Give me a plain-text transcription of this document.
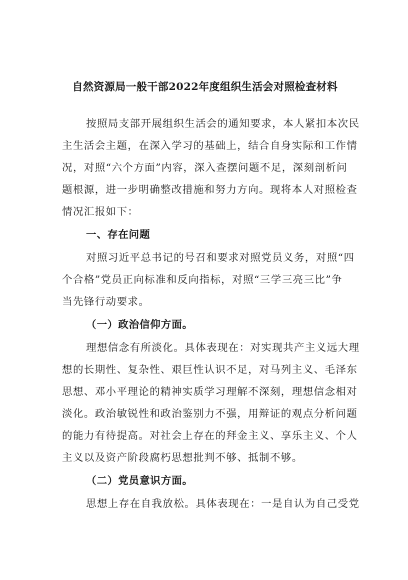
自然资源局一般干部2022年度组织生活会对照检查材料
按照局支部开展组织生活会的通知要求，本人紧扣本次民
主生活会主题，在深入学习的基础上，结合自身实际和工作情
况，对照“六个方面”内容，深入查摆问题不足，深刻剖析问
题根源，进一步明确整改措施和努力方向。现将本人对照检查
情况汇报如下：
一、存在问题
对照习近平总书记的号召和要求对照党员义务，对照“四
个合格”党员正向标准和反向指标，对照“三学三亮三比”争
当先锋行动要求。
（一）政治信仰方面。
理想信念有所淡化。具体表现在：对实现共产主义远大理
想的长期性、复杂性、艰巨性认识不足，对马列主义、毛泽东
思想、邓小平理论的精神实质学习理解不深刻，理想信念相对
淡化。政治敏锐性和政治鉴别力不强，用辩证的观点分析问题
的能力有待提高。对社会上存在的拜金主义、享乐主义、个人
主义以及资产阶段腐朽思想批判不够、抵制不够。
（二）党员意识方面。
思想上存在自我放松。具体表现在：一是自认为自己受党
